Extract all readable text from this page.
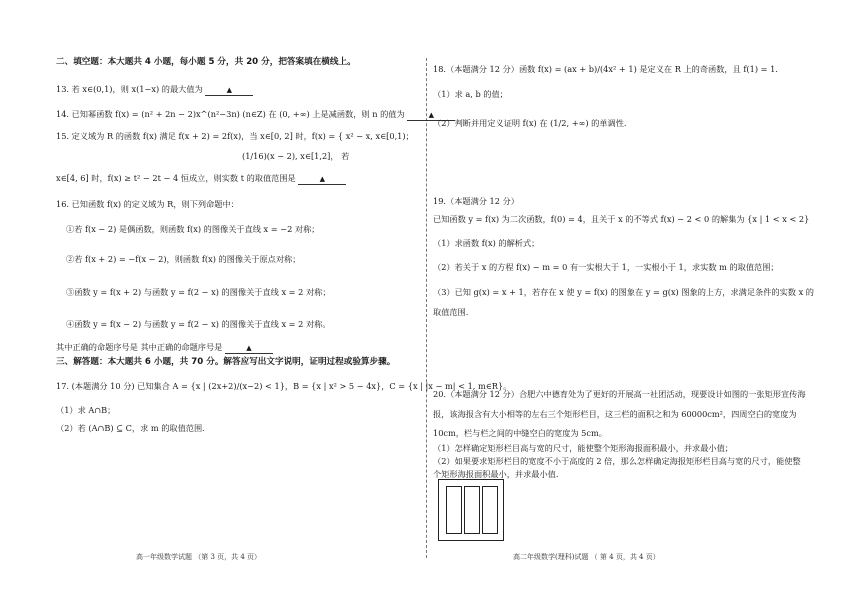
二、填空题：本大题共 4 小题，每小题 5 分，共 20 分，把答案填在横线上。
13. 若 x∈(0,1)，则 x(1−x) 的最大值为	▲
14. 已知幂函数 f(x) = (n² + 2n − 2)x^(n²−3n) (n∈Z) 在 (0, +∞) 上是减函数，则 n 的值为	▲
15. 定义域为 R 的函数 f(x) 满足 f(x + 2) = 2f(x)，当 x∈[0, 2] 时，f(x) = { x² − x, x∈[0,1)；
(1/16)(x − 2), x∈[1,2]， 若
x∈[4, 6] 时，f(x) ≥ t² − 2t − 4 恒成立，则实数 t 的取值范围是	▲
16. 已知函数 f(x) 的定义域为 R，则下列命题中：
①若 f(x − 2) 是偶函数，则函数 f(x) 的图像关于直线 x = −2 对称；
②若 f(x + 2) = −f(x − 2)，则函数 f(x) 的图像关于原点对称；
③函数 y = f(x + 2) 与函数 y = f(2 − x) 的图像关于直线 x = 2 对称；
④函数 y = f(x − 2) 与函数 y = f(2 − x) 的图像关于直线 x = 2 对称。
其中正确的命题序号是 其中正确的命题序号是	▲
三、解答题：本大题共 6 小题，共 70 分。解答应写出文字说明，证明过程或验算步骤。
17. (本题满分 10 分) 已知集合 A = {x | (2x+2)/(x−2) < 1}，B = {x | x² > 5 − 4x}，C = {x | |x − m| < 1, m∈R}。
（1）求 A∩B；
（2）若 (A∩B) ⊆ C，求 m 的取值范围.
高一年级数学试题 （第 3 页，共 4 页）
18.（本题满分 12 分）函数 f(x) = (ax + b)/(4x² + 1) 是定义在 R 上的奇函数，且 f(1) = 1.
（1）求 a, b 的值；
（2）判断并用定义证明 f(x) 在 (1/2, +∞) 的单调性.
19.（本题满分 12 分）
已知函数 y = f(x) 为二次函数，f(0) = 4，且关于 x 的不等式 f(x) − 2 < 0 的解集为 {x | 1 < x < 2}
（1）求函数 f(x) 的解析式；
（2）若关于 x 的方程 f(x) − m = 0 有一实根大于 1，一实根小于 1，求实数 m 的取值范围；
（3）已知 g(x) = x + 1，若存在 x 使 y = f(x) 的图象在 y = g(x) 图象的上方，求满足条件的实数 x 的
取值范围.
20.（本题满分 12 分）合肥六中德育处为了更好的开展高一社团活动，现要设计如图的一张矩形宣传海
报，该海报含有大小相等的左右三个矩形栏目，这三栏的面积之和为 60000cm²，四周空白的宽度为
10cm，栏与栏之间的中缝空白的宽度为 5cm。
（1）怎样确定矩形栏目高与宽的尺寸，能使整个矩形海报面积最小，并求最小值；
（2）如果要求矩形栏目的宽度不小于高度的 2 倍，那么怎样确定海报矩形栏目高与宽的尺寸，能使整
个矩形海报面积最小，并求最小值.
高二年级数学(理科)试题 （ 第 4 页，共 4 页）
